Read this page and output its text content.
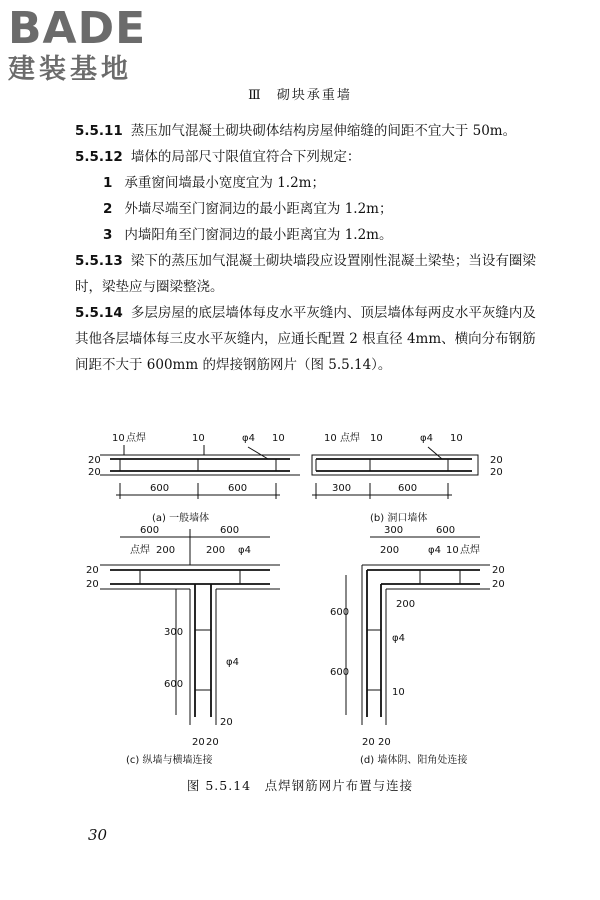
BADE
建装基地
Ⅲ 砌块承重墙

5.5.11 蒸压加气混凝土砌块砌体结构房屋伸缩缝的间距不宜大于 50m。

5.5.12 墙体的局部尺寸限值宜符合下列规定：

1 承重窗间墙最小宽度宜为 1.2m；

2 外墙尽端至门窗洞边的最小距离宜为 1.2m；

3 内墙阳角至门窗洞边的最小距离宜为 1.2m。

5.5.13 梁下的蒸压加气混凝土砌块墙段应设置刚性混凝土梁垫；当设有圈梁时，梁垫应与圈梁整浇。

5.5.14 多层房屋的底层墙体每皮水平灰缝内、顶层墙体每两皮水平灰缝内及其他各层墙体每三皮水平灰缝内，应通长配置 2 根直径 4mm、横向分布钢筋间距不大于 600mm 的焊接钢筋网片（图 5.5.14）。

点焊
10	10	φ4 10
600	600
20
20
10 点焊 10	φ4 10
300	600
20
20
(a) 一般墙体	(b) 洞口墙体
600	600
点焊 200	200 φ4
20
20
300
600
φ4
20
20 20
300	600
200	φ4 10 点焊
20
20
600
600
200
φ4
10
20 20
(c) 纵墙与横墙连接	(d) 墙体阴、阳角处连接
图 5.5.14　点焊钢筋网片布置与连接
30
